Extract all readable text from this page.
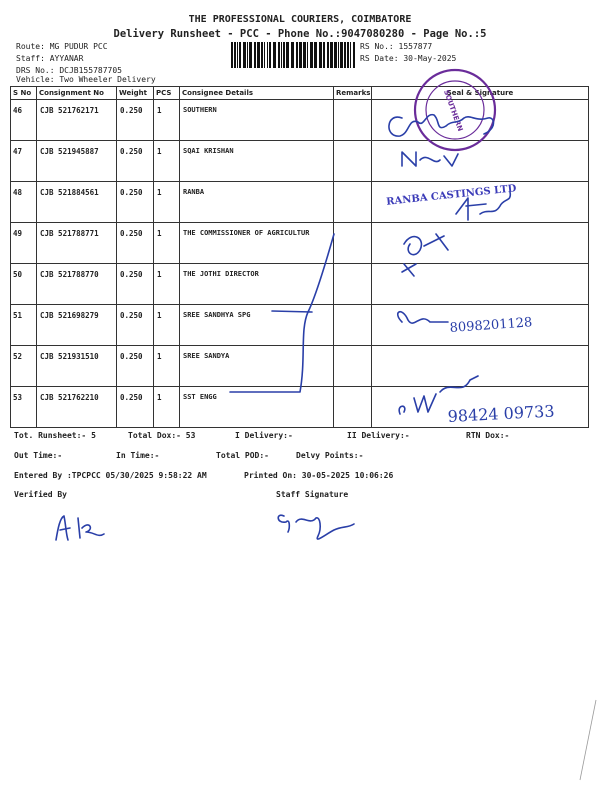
THE PROFESSIONAL COURIERS, COIMBATORE
Delivery Runsheet - PCC - Phone No.:9047080280 - Page No.:5
Route: MG PUDUR PCC
Staff: AYYANAR
DRS No.: DCJB155787705
Vehicle: Two Wheeler Delivery
RS No.: 1557877
RS Date: 30-May-2025
S No	Consignment No	Weight	PCS	Consignee Details	Remarks	Seal & Signature
46	CJB 521762171	0.250	1	SOUTHERN		
47	CJB 521945887	0.250	1	SQAI KRISHAN		
48	CJB 521884561	0.250	1	RANBA		
49	CJB 521788771	0.250	1	THE COMMISSIONER OF AGRICULTUR		
50	CJB 521788770	0.250	1	THE JOTHI DIRECTOR		
51	CJB 521698279	0.250	1	SREE SANDHYA SPG		
52	CJB 521931510	0.250	1	SREE SANDYA		
53	CJB 521762210	0.250	1	SST ENGG		
Tot. Runsheet:- 5	Total Dox:- 53	I Delivery:-	II Delivery:-	RTN Dox:-
Out Time:-	In Time:-	Total POD:-	Delvy Points:-
Entered By :TPCPCC 05/30/2025 9:58:22 AM	Printed On: 30-05-2025 10:06:26
Verified By	Staff Signature
RANBA CASTINGS LTD
SOUTHERN
8098201128
98424 09733
